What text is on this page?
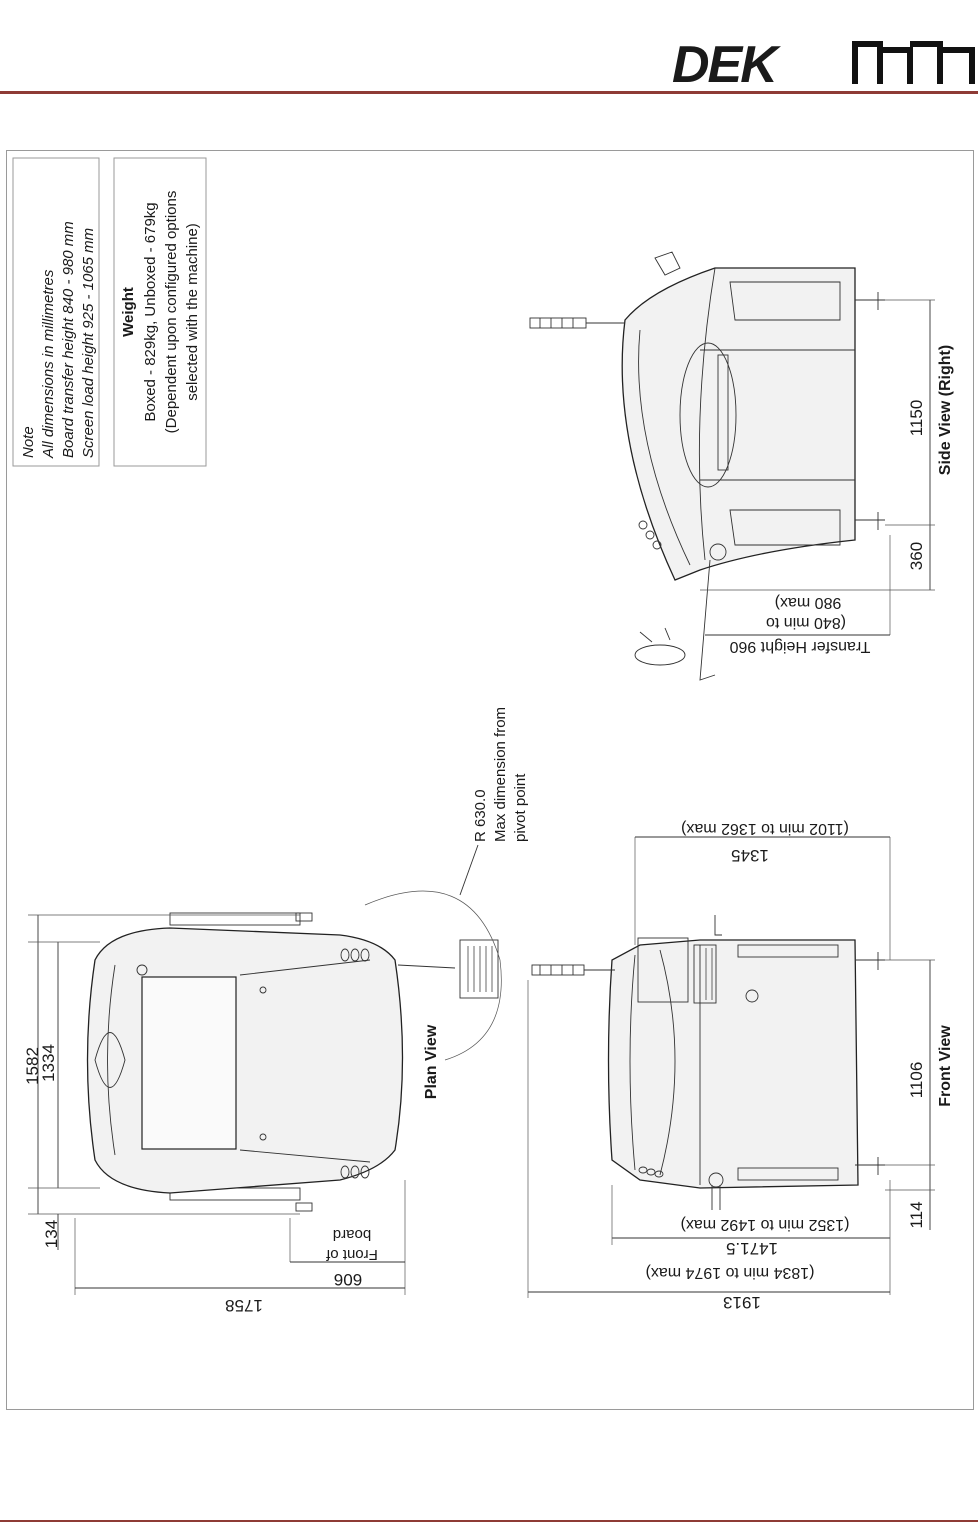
DEK
Note All dimensions in millimetres Board transfer height 840 - 980 mm Screen load height 925 - 1065 mm Weight Boxed - 829kg, Unboxed - 679kg (Dependent upon configured options selected with the machine)
1582
1334
134
1758
606
Front of
board
Plan View
R 630.0 Max dimension from pivot point	(1102 min to 1362 max)
1345
1106
114
Front View
(1352 min to 1492 max)
1471.5
(1834 min to 1974 max)
1913
1150
360
Side View (Right)
Transfer Height 960
(840 min to
980 max)
